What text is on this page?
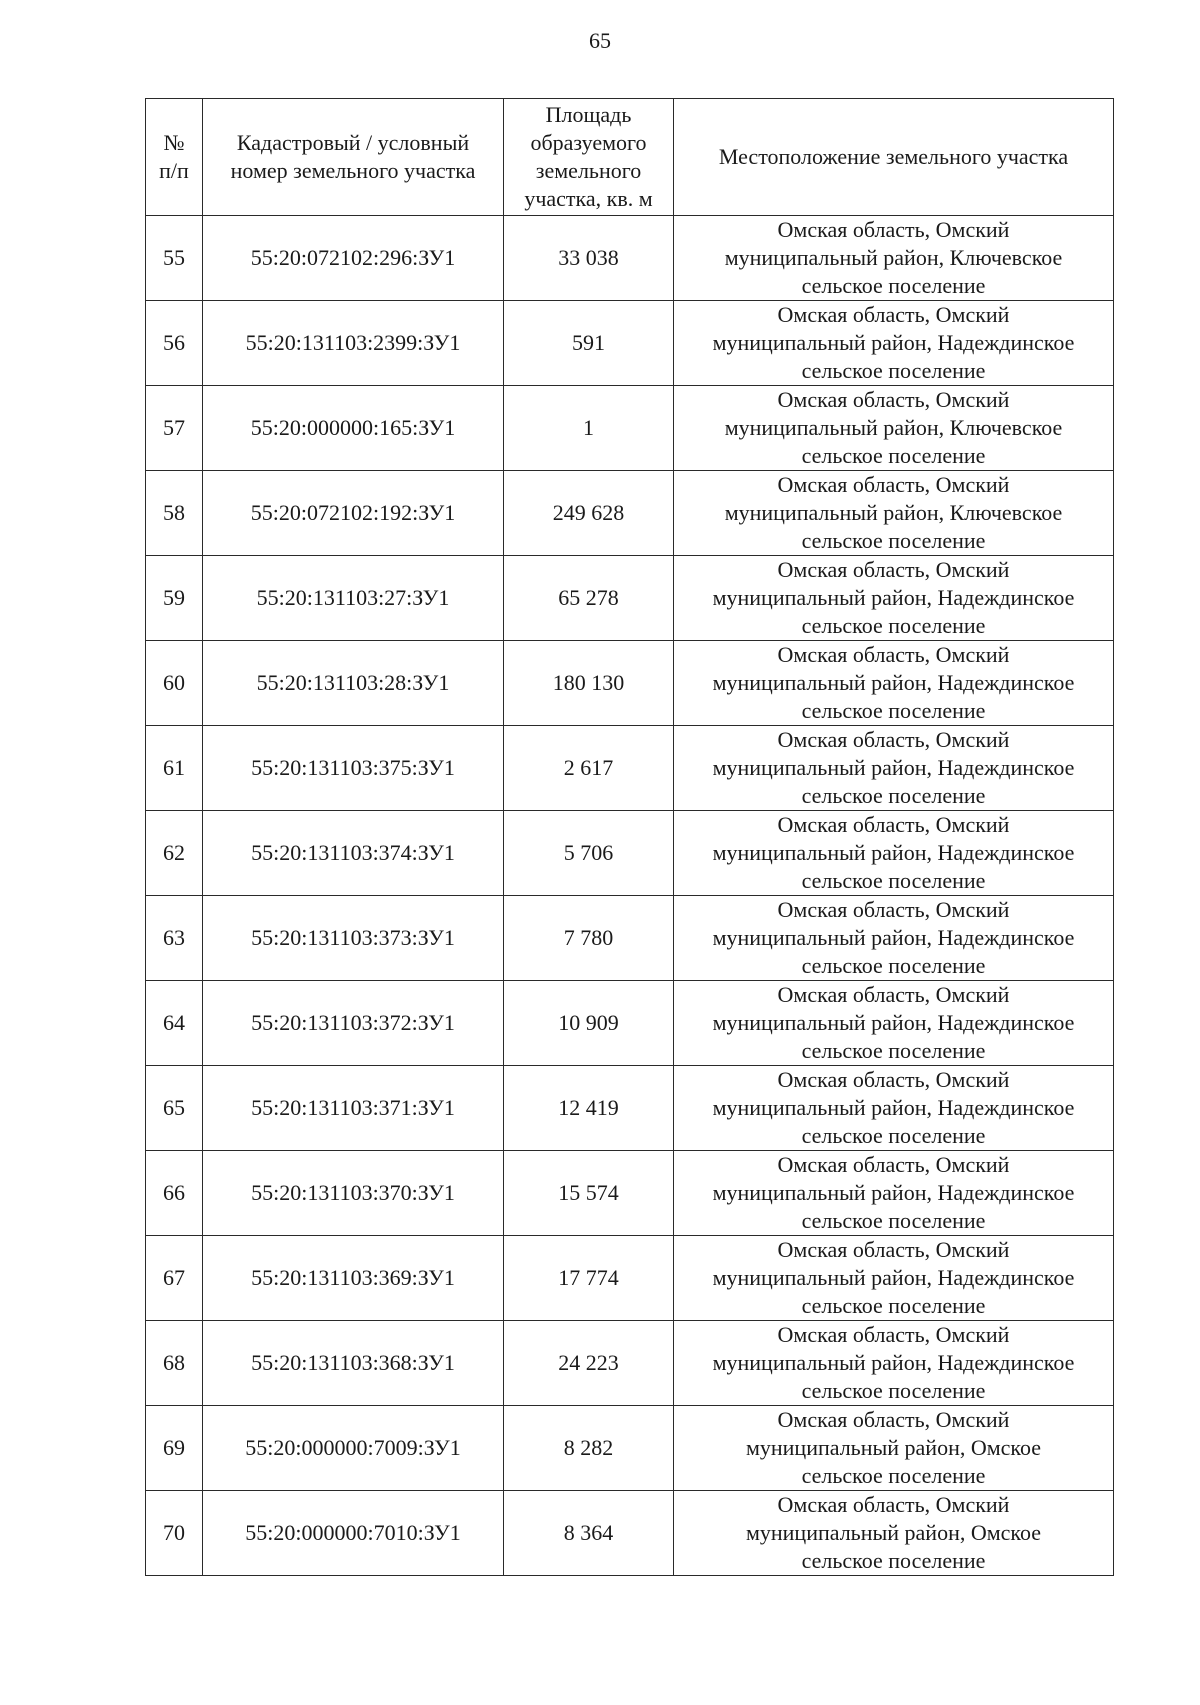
65
№ п/п	Кадастровый / условный номер земельного участка	Площадь образуемого земельного участка, кв. м	Местоположение земельного участка
55	55:20:072102:296:ЗУ1	33 038	Омская область, Омский
муниципальный район, Ключевское
сельское поселение

56	55:20:131103:2399:ЗУ1	591	Омская область, Омский
муниципальный район, Надеждинское
сельское поселение

57	55:20:000000:165:ЗУ1	1	Омская область, Омский
муниципальный район, Ключевское
сельское поселение

58	55:20:072102:192:ЗУ1	249 628	Омская область, Омский
муниципальный район, Ключевское
сельское поселение

59	55:20:131103:27:ЗУ1	65 278	Омская область, Омский
муниципальный район, Надеждинское
сельское поселение

60	55:20:131103:28:ЗУ1	180 130	Омская область, Омский
муниципальный район, Надеждинское
сельское поселение

61	55:20:131103:375:ЗУ1	2 617	Омская область, Омский
муниципальный район, Надеждинское
сельское поселение

62	55:20:131103:374:ЗУ1	5 706	Омская область, Омский
муниципальный район, Надеждинское
сельское поселение

63	55:20:131103:373:ЗУ1	7 780	Омская область, Омский
муниципальный район, Надеждинское
сельское поселение

64	55:20:131103:372:ЗУ1	10 909	Омская область, Омский
муниципальный район, Надеждинское
сельское поселение

65	55:20:131103:371:ЗУ1	12 419	Омская область, Омский
муниципальный район, Надеждинское
сельское поселение

66	55:20:131103:370:ЗУ1	15 574	Омская область, Омский
муниципальный район, Надеждинское
сельское поселение

67	55:20:131103:369:ЗУ1	17 774	Омская область, Омский
муниципальный район, Надеждинское
сельское поселение

68	55:20:131103:368:ЗУ1	24 223	Омская область, Омский
муниципальный район, Надеждинское
сельское поселение

69	55:20:000000:7009:ЗУ1	8 282	Омская область, Омский
муниципальный район, Омское
сельское поселение

70	55:20:000000:7010:ЗУ1	8 364	Омская область, Омский
муниципальный район, Омское
сельское поселение
